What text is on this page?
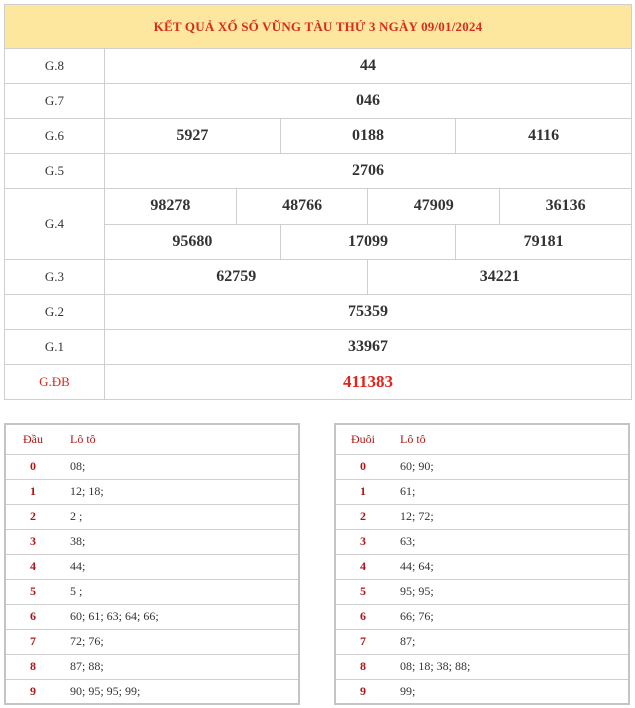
KẾT QUẢ XỔ SỐ VŨNG TÀU THỨ 3 NGÀY 09/01/2024						
G.8	44					
G.7	046					
G.6	5927		0188		4116	
G.5	2706					
G.4	98278	48766		47909		36136
	95680		17099		79181	
G.3	62759			34221		
G.2	75359					
G.1	33967					
G.ĐB	411383					
Đầu	Lô tô
0	08;
1	12; 18;
2	2 ;
3	38;
4	44;
5	5 ;
6	60; 61; 63; 64; 66;
7	72; 76;
8	87; 88;
9	90; 95; 95; 99;
Đuôi	Lô tô
0	60; 90;
1	61;
2	12; 72;
3	63;
4	44; 64;
5	95; 95;
6	66; 76;
7	87;
8	08; 18; 38; 88;
9	99;
